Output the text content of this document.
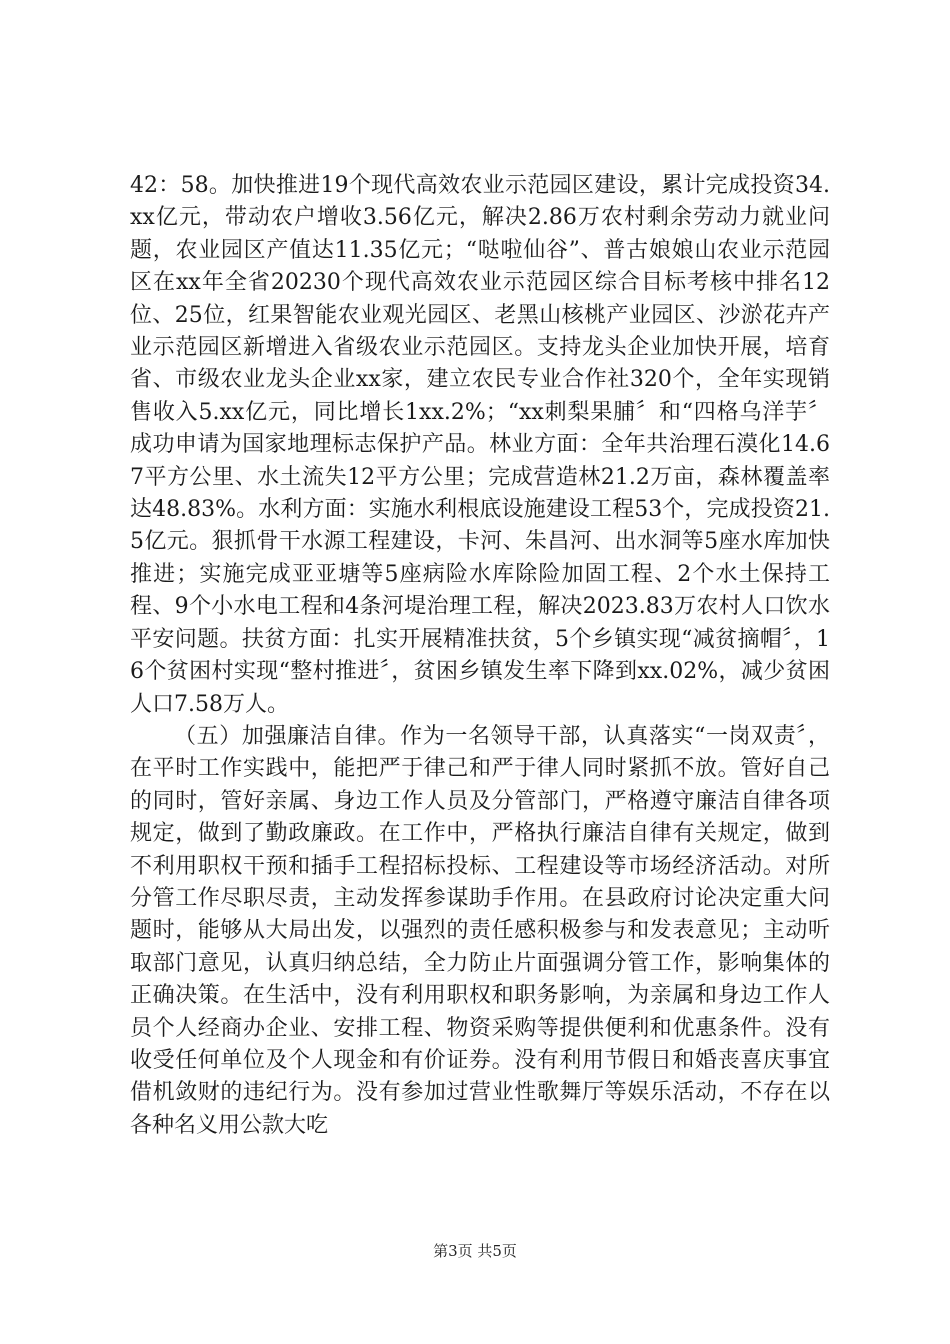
42：58。加快推进19个现代高效农业示范园区建设，累计完成投资34.xx亿元，带动农户增收3.56亿元，解决2.86万农村剩余劳动力就业问题，农业园区产值达11.35亿元；“哒啦仙谷”、普古娘娘山农业示范园区在xx年全省20230个现代高效农业示范园区综合目标考核中排名12位、25位，红果智能农业观光园区、老黑山核桃产业园区、沙淤花卉产业示范园区新增进入省级农业示范园区。支持龙头企业加快开展，培育省、市级农业龙头企业xx家，建立农民专业合作社320个，全年实现销售收入5.xx亿元，同比增长1xx.2%；“xx刺梨果脯〞和“四格乌洋芋〞成功申请为国家地理标志保护产品。林业方面：全年共治理石漠化14.67平方公里、水土流失12平方公里；完成营造林21.2万亩，森林覆盖率达48.83%。水利方面：实施水利根底设施建设工程53个，完成投资21.5亿元。狠抓骨干水源工程建设，卡河、朱昌河、出水洞等5座水库加快推进；实施完成亚亚塘等5座病险水库除险加固工程、2个水土保持工程、9个小水电工程和4条河堤治理工程，解决2023.83万农村人口饮水平安问题。扶贫方面：扎实开展精准扶贫，5个乡镇实现“减贫摘帽〞，16个贫困村实现“整村推进〞，贫困乡镇发生率下降到xx.02%，减少贫困人口7.58万人。

（五）加强廉洁自律。作为一名领导干部，认真落实“一岗双责〞，在平时工作实践中，能把严于律己和严于律人同时紧抓不放。管好自己的同时，管好亲属、身边工作人员及分管部门，严格遵守廉洁自律各项规定，做到了勤政廉政。在工作中，严格执行廉洁自律有关规定，做到不利用职权干预和插手工程招标投标、工程建设等市场经济活动。对所分管工作尽职尽责，主动发挥参谋助手作用。在县政府讨论决定重大问题时，能够从大局出发，以强烈的责任感积极参与和发表意见；主动听取部门意见，认真归纳总结，全力防止片面强调分管工作，影响集体的正确决策。在生活中，没有利用职权和职务影响，为亲属和身边工作人员个人经商办企业、安排工程、物资采购等提供便利和优惠条件。没有收受任何单位及个人现金和有价证券。没有利用节假日和婚丧喜庆事宜借机敛财的违纪行为。没有参加过营业性歌舞厅等娱乐活动，不存在以各种名义用公款大吃

第3页 共5页
